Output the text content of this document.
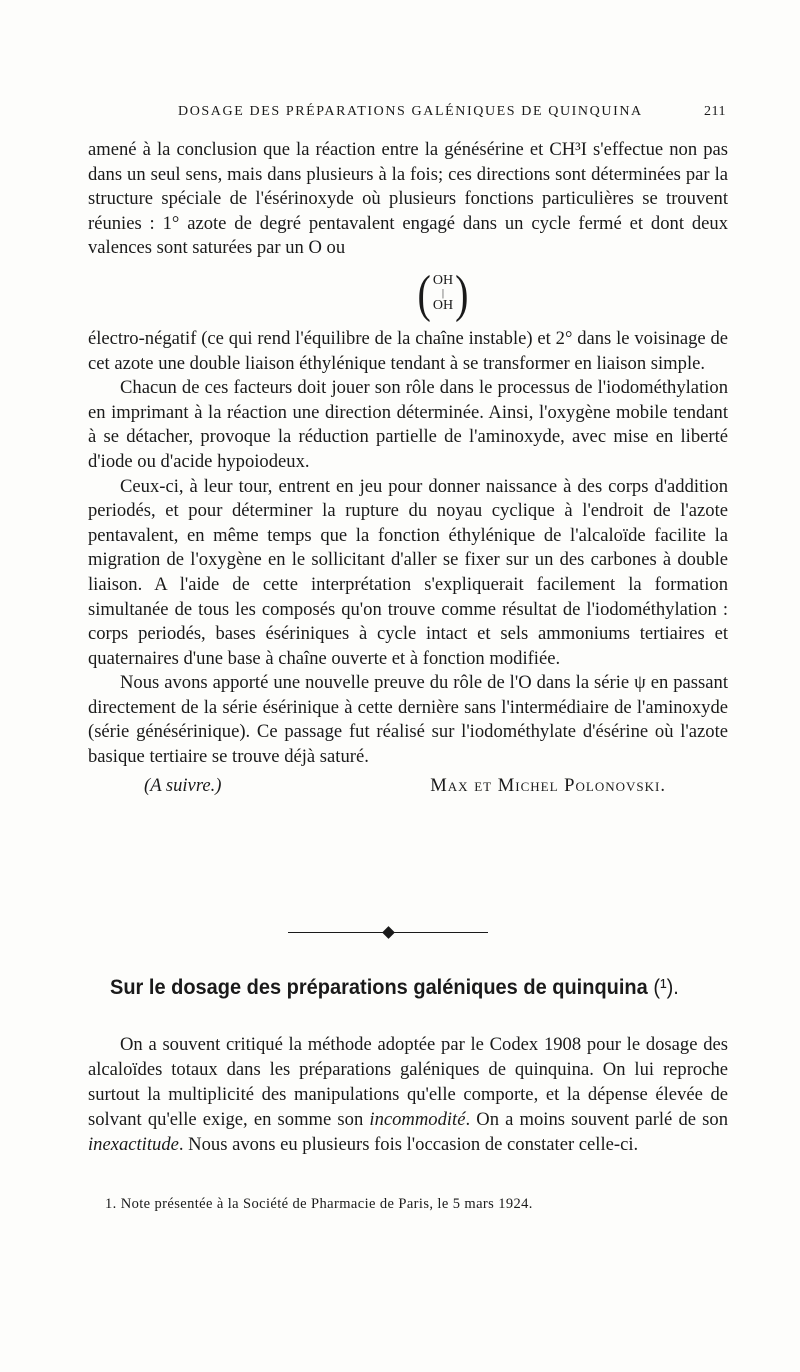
DOSAGE DES PRÉPARATIONS GALÉNIQUES DE QUINQUINA	211

amené à la conclusion que la réaction entre la génésérine et CH³I s'effectue non pas dans un seul sens, mais dans plusieurs à la fois; ces directions sont déterminées par la structure spéciale de l'ésérinoxyde où plusieurs fonctions particulières se trouvent réunies : 1° azote de degré pentavalent engagé dans un cycle fermé et dont deux valences sont saturées par un O ou

( OH
|
OH )

électro-négatif (ce qui rend l'équilibre de la chaîne instable) et 2° dans le voisinage de cet azote une double liaison éthylénique tendant à se transformer en liaison simple.

Chacun de ces facteurs doit jouer son rôle dans le processus de l'iodométhylation en imprimant à la réaction une direction déterminée. Ainsi, l'oxygène mobile tendant à se détacher, provoque la réduction partielle de l'aminoxyde, avec mise en liberté d'iode ou d'acide hypoiodeux.

Ceux-ci, à leur tour, entrent en jeu pour donner naissance à des corps d'addition periodés, et pour déterminer la rupture du noyau cyclique à l'endroit de l'azote pentavalent, en même temps que la fonction éthylénique de l'alcaloïde facilite la migration de l'oxygène en le sollicitant d'aller se fixer sur un des carbones à double liaison. A l'aide de cette interprétation s'expliquerait facilement la formation simultanée de tous les composés qu'on trouve comme résultat de l'iodométhylation : corps periodés, bases ésériniques à cycle intact et sels ammoniums tertiaires et quaternaires d'une base à chaîne ouverte et à fonction modifiée.

Nous avons apporté une nouvelle preuve du rôle de l'O dans la série ψ en passant directement de la série ésérinique à cette dernière sans l'intermédiaire de l'aminoxyde (série génésérinique). Ce passage fut réalisé sur l'iodométhylate d'ésérine où l'azote basique tertiaire se trouve déjà saturé.

(A suivre.)	Max et Michel Polonovski.
Sur le dosage des préparations galéniques de quinquina (¹).

On a souvent critiqué la méthode adoptée par le Codex 1908 pour le dosage des alcaloïdes totaux dans les préparations galéniques de quinquina. On lui reproche surtout la multiplicité des manipulations qu'elle comporte, et la dépense élevée de solvant qu'elle exige, en somme son incommodité. On a moins souvent parlé de son inexactitude. Nous avons eu plusieurs fois l'occasion de constater celle-ci.

1. Note présentée à la Société de Pharmacie de Paris, le 5 mars 1924.
